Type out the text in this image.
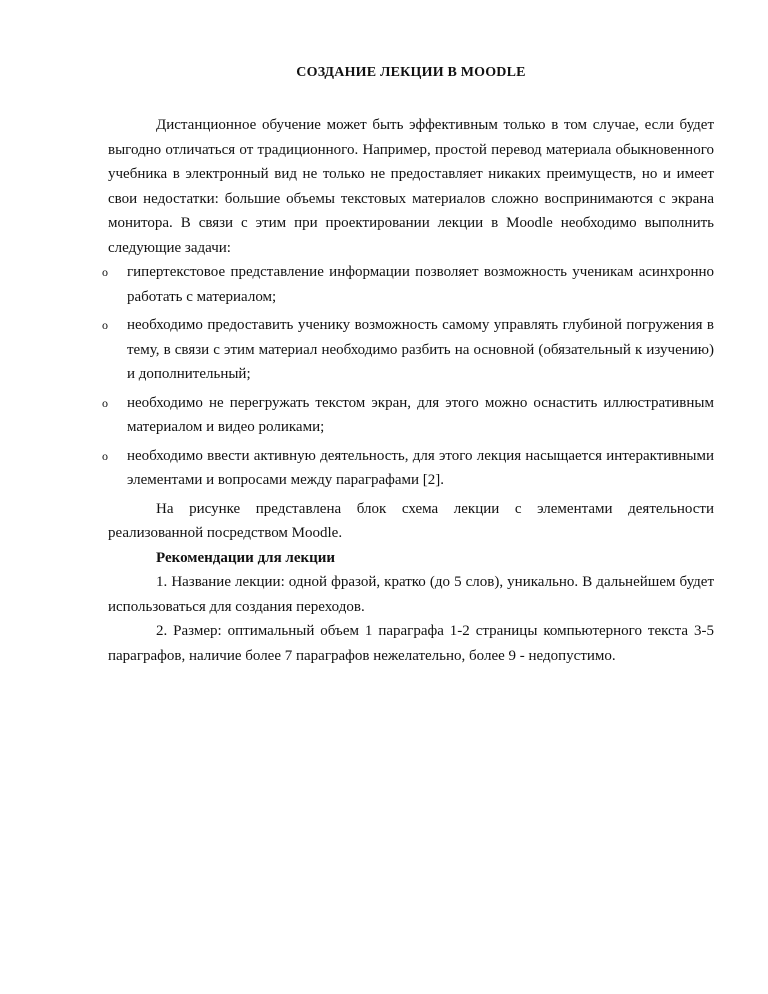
СОЗДАНИЕ ЛЕКЦИИ В MOODLE

Дистанционное обучение может быть эффективным только в том случае, если будет выгодно отличаться от традиционного. Например, простой перевод материала обыкновенного учебника в электронный вид не только не предоставляет никаких преимуществ, но и имеет свои недостатки: большие объемы текстовых материалов сложно воспринимаются с экрана монитора. В связи с этим при проектировании лекции в Moodle необходимо выполнить следующие задачи:

o гипертекстовое представление информации позволяет возможность ученикам асинхронно работать с материалом;
o необходимо предоставить ученику возможность самому управлять глубиной погружения в тему, в связи с этим материал необходимо разбить на основной (обязательный к изучению) и дополнительный;
o необходимо не перегружать текстом экран, для этого можно оснастить иллюстративным материалом и видео роликами;
o необходимо ввести активную деятельность, для этого лекция насыщается интерактивными элементами и вопросами между параграфами [2].

На рисунке представлена блок схема лекции с элементами деятельности реализованной посредством Moodle.

Рекомендации для лекции

1. Название лекции: одной фразой, кратко (до 5 слов), уникально. В дальнейшем будет использоваться для создания переходов.

2. Размер: оптимальный объем 1 параграфа 1-2 страницы компьютерного текста 3-5 параграфов, наличие более 7 параграфов нежелательно, более 9 - недопустимо.
